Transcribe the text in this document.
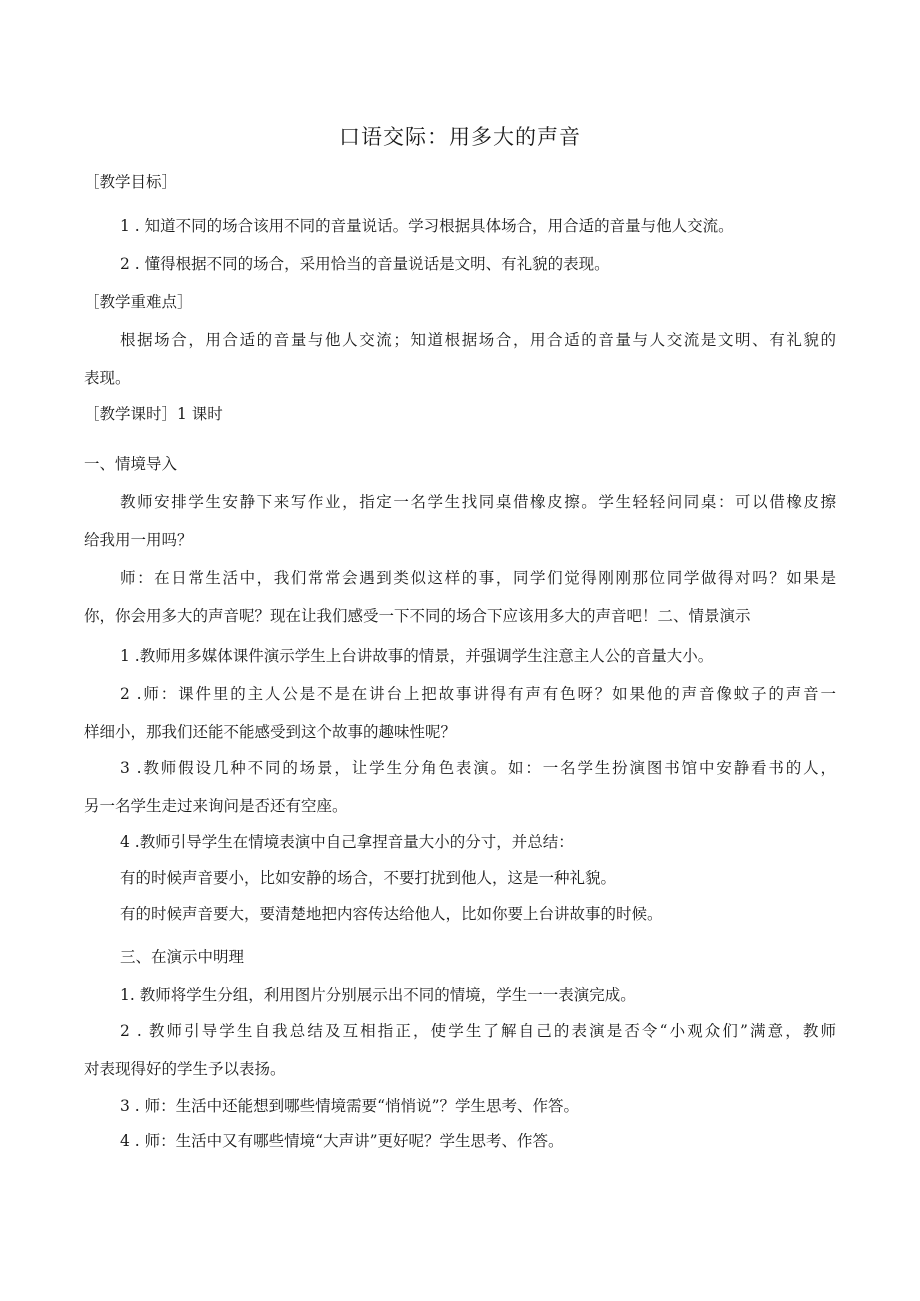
口语交际：用多大的声音
［教学目标］
1 . 知道不同的场合该用不同的音量说话。学习根据具体场合，用合适的音量与他人交流。
2 . 懂得根据不同的场合，采用恰当的音量说话是文明、有礼貌的表现。
［教学重难点］
根据场合，用合适的音量与他人交流；知道根据场合，用合适的音量与人交流是文明、有礼貌的
表现。
［教学课时］1 课时
一、情境导入
教师安排学生安静下来写作业，指定一名学生找同桌借橡皮擦。学生轻轻问同桌：可以借橡皮擦
给我用一用吗？
师：在日常生活中，我们常常会遇到类似这样的事，同学们觉得刚刚那位同学做得对吗？如果是
你，你会用多大的声音呢？现在让我们感受一下不同的场合下应该用多大的声音吧！二、情景演示
1 .教师用多媒体课件演示学生上台讲故事的情景，并强调学生注意主人公的音量大小。
2 .师：课件里的主人公是不是在讲台上把故事讲得有声有色呀？如果他的声音像蚊子的声音一
样细小，那我们还能不能感受到这个故事的趣味性呢？
3 .教师假设几种不同的场景，让学生分角色表演。如：一名学生扮演图书馆中安静看书的人，
另一名学生走过来询问是否还有空座。
4 .教师引导学生在情境表演中自己拿捏音量大小的分寸，并总结：
有的时候声音要小，比如安静的场合，不要打扰到他人，这是一种礼貌。
有的时候声音要大，要清楚地把内容传达给他人，比如你要上台讲故事的时候。
三、在演示中明理
1. 教师将学生分组，利用图片分别展示出不同的情境，学生一一表演完成。
2 . 教师引导学生自我总结及互相指正，使学生了解自己的表演是否令“小观众们”满意，教师
对表现得好的学生予以表扬。
3 . 师：生活中还能想到哪些情境需要“悄悄说”？学生思考、作答。
4 . 师：生活中又有哪些情境“大声讲”更好呢？学生思考、作答。
